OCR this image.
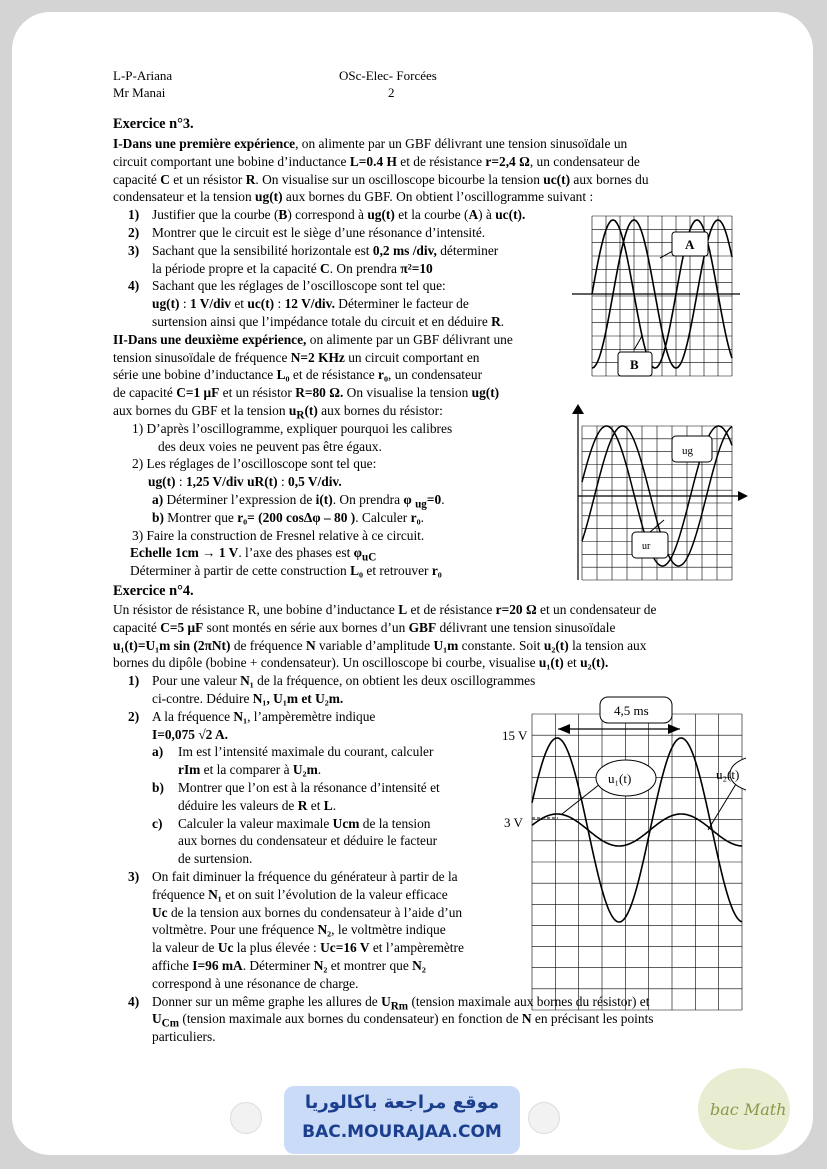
L-P-Ariana
Mr Manai
OSc-Elec- Forcées
2
Exercice n°3.
I-Dans une première expérience, on alimente par un GBF délivrant une tension sinusoïdale un
circuit comportant une bobine d’inductance L=0.4 H et de résistance r=2,4 Ω, un condensateur de
capacité C et un résistor R. On visualise sur un oscilloscope bicourbe la tension uc(t) aux bornes du
condensateur et la tension ug(t) aux bornes du GBF. On obtient l’oscillogramme suivant :
1) Justifier que la courbe (B) correspond à ug(t) et la courbe (A) à uc(t).
2) Montrer que le circuit est le siège d’une résonance d’intensité.
3) Sachant que la sensibilité horizontale est 0,2 ms /div, déterminer
la période propre et la capacité C. On prendra π²=10
4) Sachant que les réglages de l’oscilloscope sont tel que:
ug(t) : 1 V/div et uc(t) : 12 V/div. Déterminer le facteur de
surtension ainsi que l’impédance totale du circuit et en déduire R.
II-Dans une deuxième expérience, on alimente par un GBF délivrant une
tension sinusoïdale de fréquence N=2 KHz un circuit comportant en
série une bobine d’inductance L₀ et de résistance r₀, un condensateur
de capacité C=1 μF et un résistor R=80 Ω. On visualise la tension ug(t)
aux bornes du GBF et la tension $u_R(t)$ aux bornes du résistor:
1) D’après l’oscillogramme, expliquer pourquoi les calibres
des deux voies ne peuvent pas être égaux.
2) Les réglages de l’oscilloscope sont tel que:
ug(t) : 1,25 V/div uR(t) : 0,5 V/div.
a) Déterminer l’expression de i(t). On prendra φ $_{ug}$=0.
b) Montrer que r₀= (200 cosΔφ – 80 ). Calculer r₀.
3) Faire la construction de Fresnel relative à ce circuit.
Echelle 1cm → 1 V. l’axe des phases est $\varphi_{uC}$
Déterminer à partir de cette construction L₀ et retrouver r₀
Exercice n°4.
Un résistor de résistance R, une bobine d’inductance L et de résistance r=20 Ω et un condensateur de
capacité C=5 μF sont montés en série aux bornes d’un GBF délivrant une tension sinusoïdale
u₁(t)=U₁m sin (2πNt) de fréquence N variable d’amplitude U₁m constante. Soit u₂(t) la tension aux
bornes du dipôle (bobine + condensateur). Un oscilloscope bi courbe, visualise u₁(t) et u₂(t).
1) Pour une valeur N₁ de la fréquence, on obtient les deux oscillogrammes
ci-contre. Déduire N₁, U₁m et U₂m.
2) A la fréquence N₁, l’ampèremètre indique
I=0,075 √2 A.
a) Im est l’intensité maximale du courant, calculer
rIm et la comparer à U₂m.
b) Montrer que l’on est à la résonance d’intensité et
déduire les valeurs de R et L.
c) Calculer la valeur maximale Ucm de la tension
aux bornes du condensateur et déduire le facteur
de surtension.
3) On fait diminuer la fréquence du générateur à partir de la
fréquence N₁ et on suit l’évolution de la valeur efficace
Uc de la tension aux bornes du condensateur à l’aide d’un
voltmètre. Pour une fréquence N₂, le voltmètre indique
la valeur de Uc la plus élevée : Uc=16 V et l’ampèremètre
affiche I=96 mA. Déterminer N₂ et montrer que N₂
correspond à une résonance de charge.
4) Donner sur un même graphe les allures de $U_{Rm}$ (tension maximale aux bornes du résistor) et
$U_{Cm}$ (tension maximale aux bornes du condensateur) en fonction de N en précisant les points
particuliers.
A
B
ug
ur
4,5 ms
15 V
3 V
u₁(t)	u₂(t)
موقع مراجعة باكالوريا
BAC.MOURAJAA.COM
bac Math
